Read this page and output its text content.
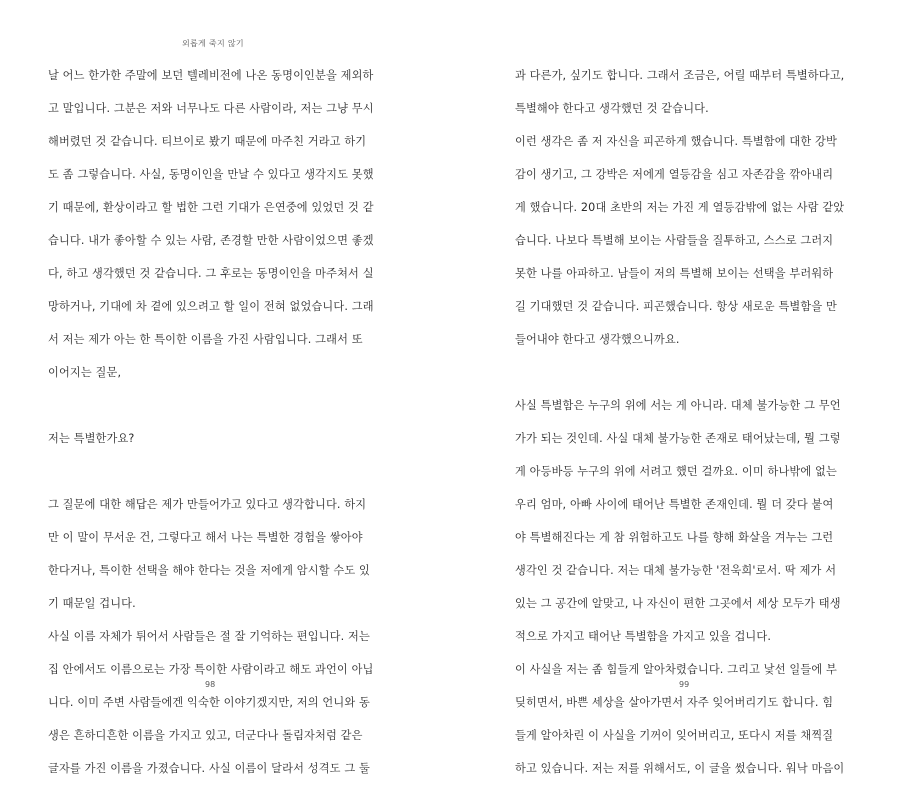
외롭게 죽지 않기
날 어느 한가한 주말에 보던 텔레비전에 나온 동명이인분을 제외하
고 말입니다. 그분은 저와 너무나도 다른 사람이라, 저는 그냥 무시
해버렸던 것 같습니다. 티브이로 봤기 때문에 마주친 거라고 하기
도 좀 그렇습니다. 사실, 동명이인을 만날 수 있다고 생각지도 못했
기 때문에, 환상이라고 할 법한 그런 기대가 은연중에 있었던 것 같
습니다. 내가 좋아할 수 있는 사람, 존경할 만한 사람이었으면 좋겠
다, 하고 생각했던 것 같습니다. 그 후로는 동명이인을 마주쳐서 실
망하거나, 기대에 차 곁에 있으려고 할 일이 전혀 없었습니다. 그래
서 저는 제가 아는 한 특이한 이름을 가진 사람입니다. 그래서 또
이어지는 질문,
저는 특별한가요?
그 질문에 대한 해답은 제가 만들어가고 있다고 생각합니다. 하지
만 이 말이 무서운 건, 그렇다고 해서 나는 특별한 경험을 쌓아야
한다거나, 특이한 선택을 해야 한다는 것을 저에게 암시할 수도 있
기 때문일 겁니다.
사실 이름 자체가 튀어서 사람들은 절 잘 기억하는 편입니다. 저는
집 안에서도 이름으로는 가장 특이한 사람이라고 해도 과언이 아닙
니다. 이미 주변 사람들에겐 익숙한 이야기겠지만, 저의 언니와 동
생은 흔하디흔한 이름을 가지고 있고, 더군다나 돌림자처럼 같은
글자를 가진 이름을 가졌습니다. 사실 이름이 달라서 성격도 그 둘
98
과 다른가, 싶기도 합니다. 그래서 조금은, 어릴 때부터 특별하다고,
특별해야 한다고 생각했던 것 같습니다.
이런 생각은 좀 저 자신을 피곤하게 했습니다. 특별함에 대한 강박
감이 생기고, 그 강박은 저에게 열등감을 심고 자존감을 깎아내리
게 했습니다. 20대 초반의 저는 가진 게 열등감밖에 없는 사람 같았
습니다. 나보다 특별해 보이는 사람들을 질투하고, 스스로 그러지
못한 나를 아파하고. 남들이 저의 특별해 보이는 선택을 부러워하
길 기대했던 것 같습니다. 피곤했습니다. 항상 새로운 특별함을 만
들어내야 한다고 생각했으니까요.
사실 특별함은 누구의 위에 서는 게 아니라. 대체 불가능한 그 무언
가가 되는 것인데. 사실 대체 불가능한 존재로 태어났는데, 뭘 그렇
게 아등바등 누구의 위에 서려고 했던 걸까요. 이미 하나밖에 없는
우리 엄마, 아빠 사이에 태어난 특별한 존재인데. 뭘 더 갖다 붙여
야 특별해진다는 게 참 위험하고도 나를 향해 화살을 겨누는 그런
생각인 것 같습니다. 저는 대체 불가능한 '전욱희'로서. 딱 제가 서
있는 그 공간에 알맞고, 나 자신이 편한 그곳에서 세상 모두가 태생
적으로 가지고 태어난 특별함을 가지고 있을 겁니다.
이 사실을 저는 좀 힘들게 알아차렸습니다. 그리고 낯선 일들에 부
딪히면서, 바쁜 세상을 살아가면서 자주 잊어버리기도 합니다. 힘
들게 알아차린 이 사실을 기꺼이 잊어버리고, 또다시 저를 채찍질
하고 있습니다. 저는 저를 위해서도, 이 글을 썼습니다. 워낙 마음이
99
